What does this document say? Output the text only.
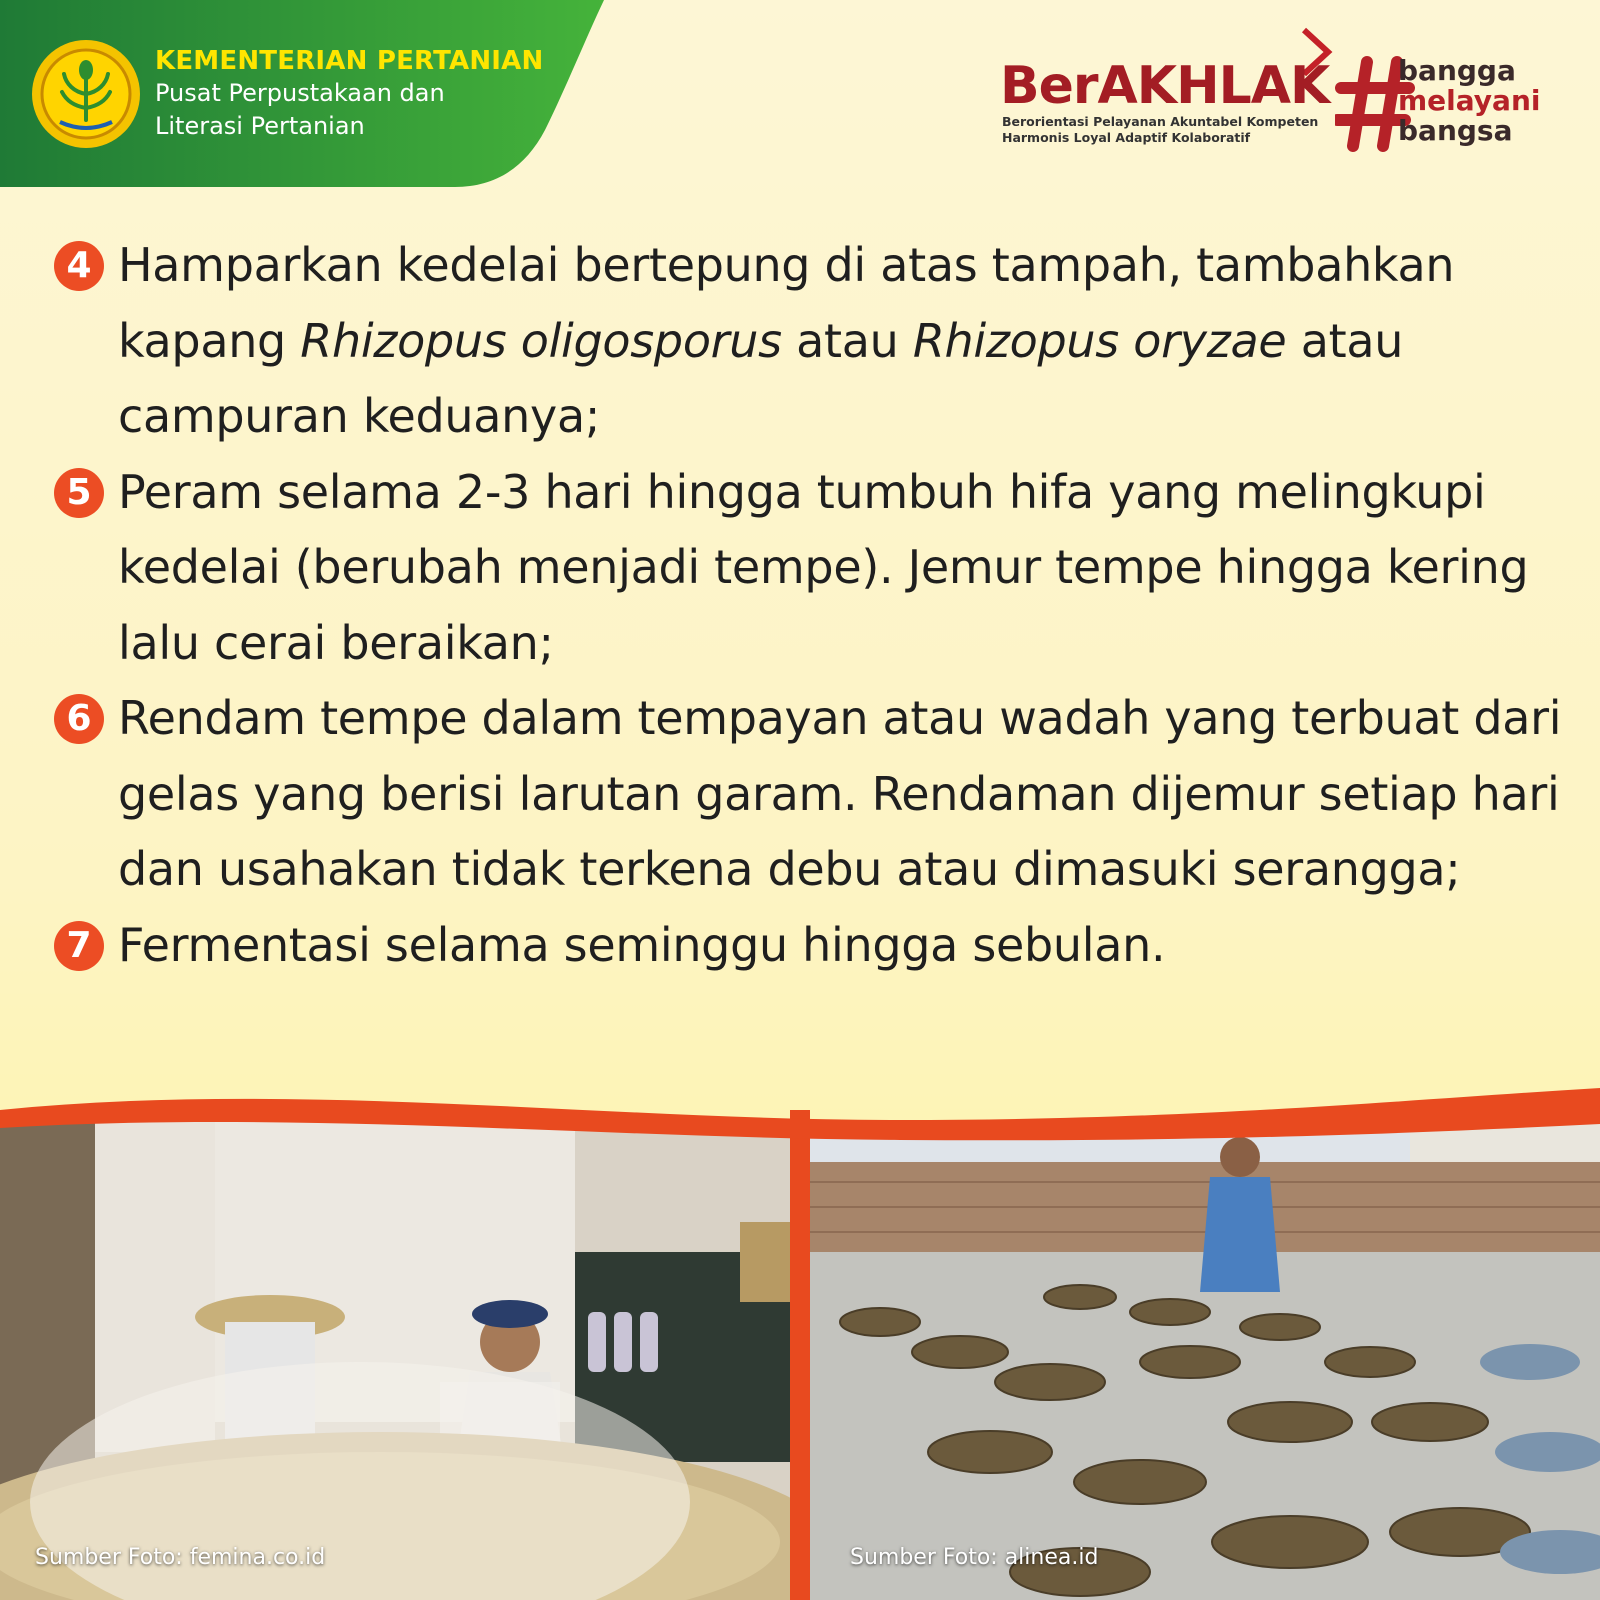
KEMENTERIAN PERTANIAN
Pusat Perpustakaan dan
Literasi Pertanian
BerAKHLAK
Berorientasi Pelayanan Akuntabel Kompeten
Harmonis Loyal Adaptif Kolaboratif
bangga
melayani
bangsa
4 Hamparkan kedelai bertepung di atas tampah, tambahkan kapang Rhizopus oligosporus atau Rhizopus oryzae atau campuran keduanya;
5 Peram selama 2-3 hari hingga tumbuh hifa yang melingkupi kedelai (berubah menjadi tempe). Jemur tempe hingga kering lalu cerai beraikan;
6 Rendam tempe dalam tempayan atau wadah yang terbuat dari gelas yang berisi larutan garam. Rendaman dijemur setiap hari dan usahakan tidak terkena debu atau dimasuki serangga;
7 Fermentasi selama seminggu hingga sebulan.
Sumber Foto: femina.co.id	Sumber Foto: alinea.id
